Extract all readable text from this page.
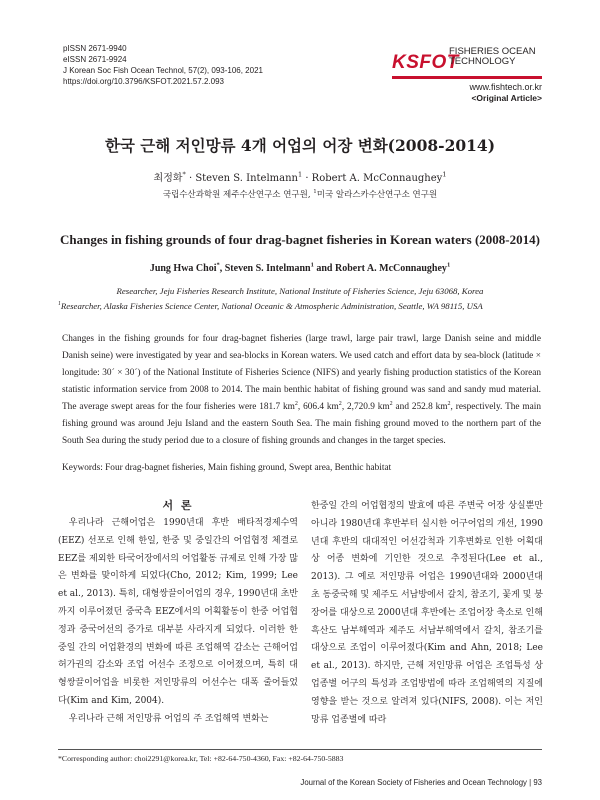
pISSN 2671-9940
eISSN 2671-9924
J Korean Soc Fish Ocean Technol, 57(2), 093-106, 2021
https://doi.org/10.3796/KSFOT.2021.57.2.093
KSFOT
FISHERIES OCEAN
TECHNOLOGY
www.fishtech.or.kr
<Original Article>
한국 근해 저인망류 4개 어업의 어장 변화(2008-2014)
최정화* · Steven S. Intelmann$^1$ · Robert A. McConnaughey$^1$
국립수산과학원 제주수산연구소 연구원, $^1$미국 알라스카수산연구소 연구원
Changes in fishing grounds of four drag-bagnet fisheries in Korean waters (2008-2014)
Jung Hwa Choi*, Steven S. Intelmann$^1$ and Robert A. McConnaughey$^1$
Researcher, Jeju Fisheries Research Institute, National Institute of Fisheries Science, Jeju 63068, Korea
$^1$Researcher, Alaska Fisheries Science Center, National Oceanic & Atmospheric Administration, Seattle, WA 98115, USA
Changes in the fishing grounds for four drag-bagnet fisheries (large trawl, large pair trawl, large Danish seine and middle Danish seine) were investigated by year and sea-blocks in Korean waters. We used catch and effort data by sea-block (latitude × longitude: 30´ × 30´) of the National Institute of Fisheries Science (NIFS) and yearly fishing production statistics of the Korean statistic information service from 2008 to 2014. The main benthic habitat of fishing ground was sand and sandy mud material. The average swept areas for the four fisheries were 181.7 $km^2$, 606.4 $km^2$, 2,720.9 $km^2$ and 252.8 $km^2$, respectively. The main fishing ground was around Jeju Island and the eastern South Sea. The main fishing ground moved to the northern part of the South Sea during the study period due to a closure of fishing grounds and changes in the target species.
Keywords: Four drag-bagnet fisheries, Main fishing ground, Swept area, Benthic habitat
서 론

우리나라 근해어업은 1990년대 후반 배타적경제수역(EEZ) 선포로 인해 한일, 한중 및 중일간의 어업협정 체결로 EEZ를 제외한 타국어장에서의 어업활동 규제로 인해 가장 많은 변화를 맞이하게 되었다(Cho, 2012; Kim, 1999; Lee et al., 2013). 특히, 대형쌍끌이어업의 경우, 1990년대 초반까지 이루어졌던 중국측 EEZ에서의 어획활동이 한중 어업협정과 중국어선의 증가로 대부분 사라지게 되었다. 이러한 한중일 간의 어업환경의 변화에 따른 조업해역 감소는 근해어업 허가권의 감소와 조업 어선수 조정으로 이어졌으며, 특히 대형쌍끌이어업을 비롯한 저인망류의 어선수는 대폭 줄어들었다(Kim and Kim, 2004).

우리나라 근해 저인망류 어업의 주 조업해역 변화는

한중일 간의 어업협정의 발효에 따른 주변국 어장 상실뿐만 아니라 1980년대 후반부터 실시한 어구어업의 개선, 1990년대 후반의 대대적인 어선감척과 기후변화로 인한 어획대상 어종 변화에 기인한 것으로 추정된다(Lee et al., 2013). 그 예로 저인망류 어업은 1990년대와 2000년대 초 동중국해 및 제주도 서남방에서 갈치, 참조기, 꽃게 및 붕장어를 대상으로 2000년대 후반에는 조업어장 축소로 인해 흑산도 남부해역과 제주도 서남부해역에서 갈치, 참조기를 대상으로 조업이 이루어졌다(Kim and Ahn, 2018; Lee et al., 2013). 하지만, 근해 저인망류 어업은 조업특성 상 업종별 어구의 특성과 조업방법에 따라 조업해역의 지질에 영향을 받는 것으로 알려져 있다(NIFS, 2008). 이는 저인망류 업종별에 따라

*Corresponding author: choi2291@korea.kr, Tel: +82-64-750-4360, Fax: +82-64-750-5883
Journal of the Korean Society of Fisheries and Ocean Technology | 93
